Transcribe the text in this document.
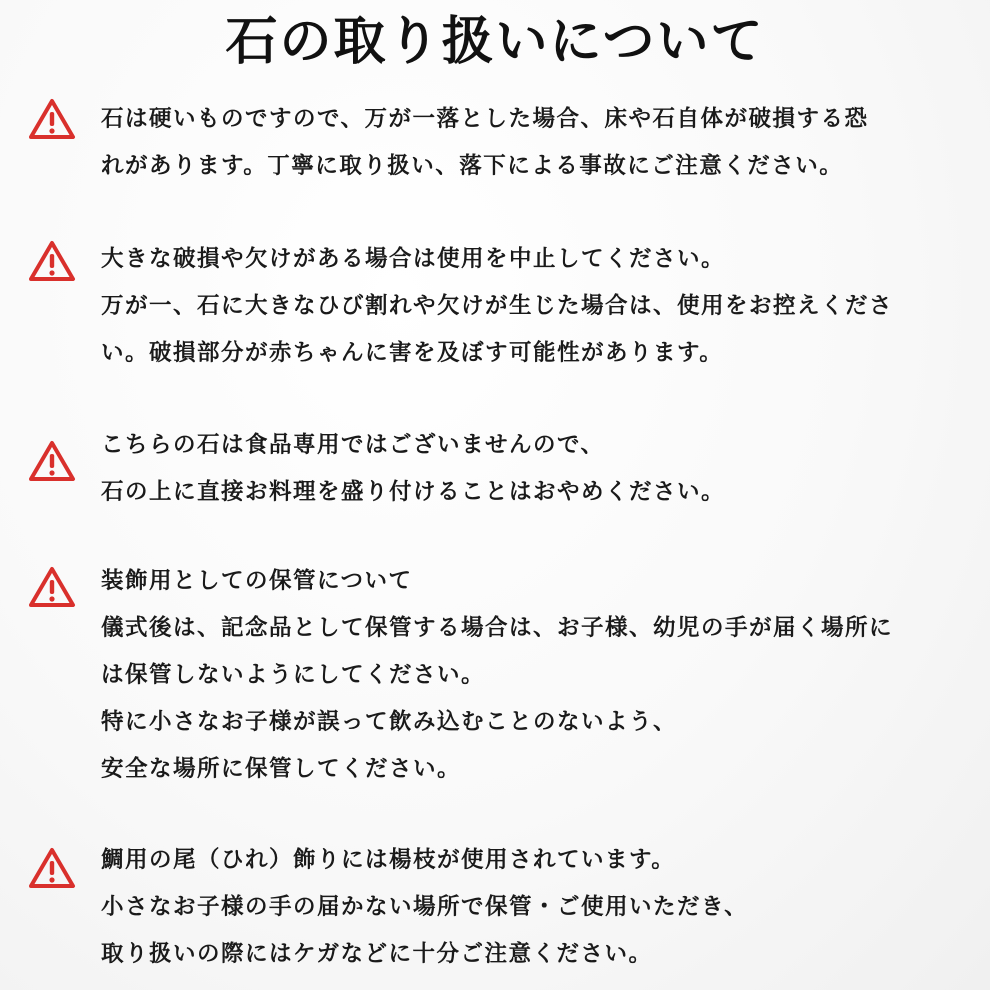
石の取り扱いについて
石は硬いものですので、万が一落とした場合、床や石自体が破損する恐
れがあります。丁寧に取り扱い、落下による事故にご注意ください。
大きな破損や欠けがある場合は使用を中止してください。
万が一、石に大きなひび割れや欠けが生じた場合は、使用をお控えくださ
い。破損部分が赤ちゃんに害を及ぼす可能性があります。
こちらの石は食品専用ではございませんので、
石の上に直接お料理を盛り付けることはおやめください。
装飾用としての保管について
儀式後は、記念品として保管する場合は、お子様、幼児の手が届く場所に
は保管しないようにしてください。
特に小さなお子様が誤って飲み込むことのないよう、
安全な場所に保管してください。
鯛用の尾（ひれ）飾りには楊枝が使用されています。
小さなお子様の手の届かない場所で保管・ご使用いただき、
取り扱いの際にはケガなどに十分ご注意ください。
